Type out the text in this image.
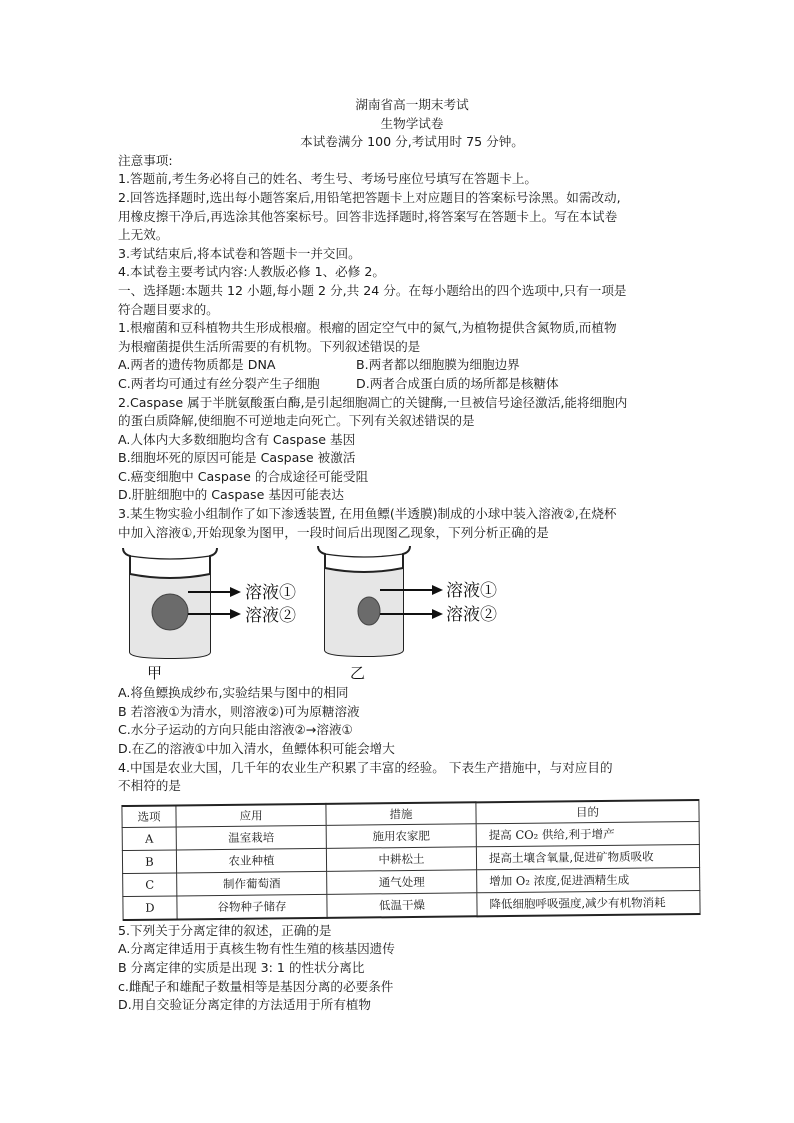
湖南省高一期末考试

生物学试卷

本试卷满分 100 分,考试用时 75 分钟。

注意事项:

1.答题前,考生务必将自己的姓名、考生号、考场号座位号填写在答题卡上。

2.回答选择题时,选出每小题答案后,用铅笔把答题卡上对应题目的答案标号涂黑。如需改动,

用橡皮擦干净后,再选涂其他答案标号。回答非选择题时,将答案写在答题卡上。写在本试卷

上无效。

3.考试结束后,将本试卷和答题卡一并交回。

4.本试卷主要考试内容:人教版必修 1、必修 2。

一、选择题:本题共 12 小题,每小题 2 分,共 24 分。在每小题给出的四个选项中,只有一项是

符合题目要求的。

1.根瘤菌和豆科植物共生形成根瘤。根瘤的固定空气中的氮气,为植物提供含氮物质,而植物

为根瘤菌提供生活所需要的有机物。下列叙述错误的是

A.两者的遗传物质都是 DNA	B.两者都以细胞膜为细胞边界
C.两者均可通过有丝分裂产生子细胞	D.两者合成蛋白质的场所都是核糖体

2.Caspase 属于半胱氨酸蛋白酶,是引起细胞凋亡的关键酶,一旦被信号途径激活,能将细胞内

的蛋白质降解,使细胞不可逆地走向死亡。下列有关叙述错误的是

A.人体内大多数细胞均含有 Caspase 基因

B.细胞坏死的原因可能是 Caspase 被激活

C.癌变细胞中 Caspase 的合成途径可能受阻

D.肝脏细胞中的 Caspase 基因可能表达

3.某生物实验小组制作了如下渗透装置, 在用鱼鳔(半透膜)制成的小球中装入溶液②,在烧杯

中加入溶液①,开始现象为图甲，一段时间后出现图乙现象，下列分析正确的是

溶液①
溶液②
甲
溶液①
溶液②
乙

A.将鱼鳔换成纱布,实验结果与图中的相同

B 若溶液①为清水，则溶液②)可为原糖溶液

C.水分子运动的方向只能由溶液②→溶液①

D.在乙的溶液①中加入清水，鱼鳔体积可能会增大

4.中国是农业大国，几千年的农业生产积累了丰富的经验。 下表生产措施中，与对应目的

不相符的是

选项	应用	措施	目的
A	温室栽培	施用农家肥	提高 CO₂ 供给,利于增产
B	农业种植	中耕松土	提高土壤含氧量,促进矿物质吸收
C	制作葡萄酒	通气处理	增加 O₂ 浓度,促进酒精生成
D	谷物种子储存	低温干燥	降低细胞呼吸强度,减少有机物消耗

5.下列关于分离定律的叙述，正确的是

A.分离定律适用于真核生物有性生殖的核基因遗传

B 分离定律的实质是出现 3: 1 的性状分离比

c.雌配子和雄配子数量相等是基因分离的必要条件

D.用自交验证分离定律的方法适用于所有植物
